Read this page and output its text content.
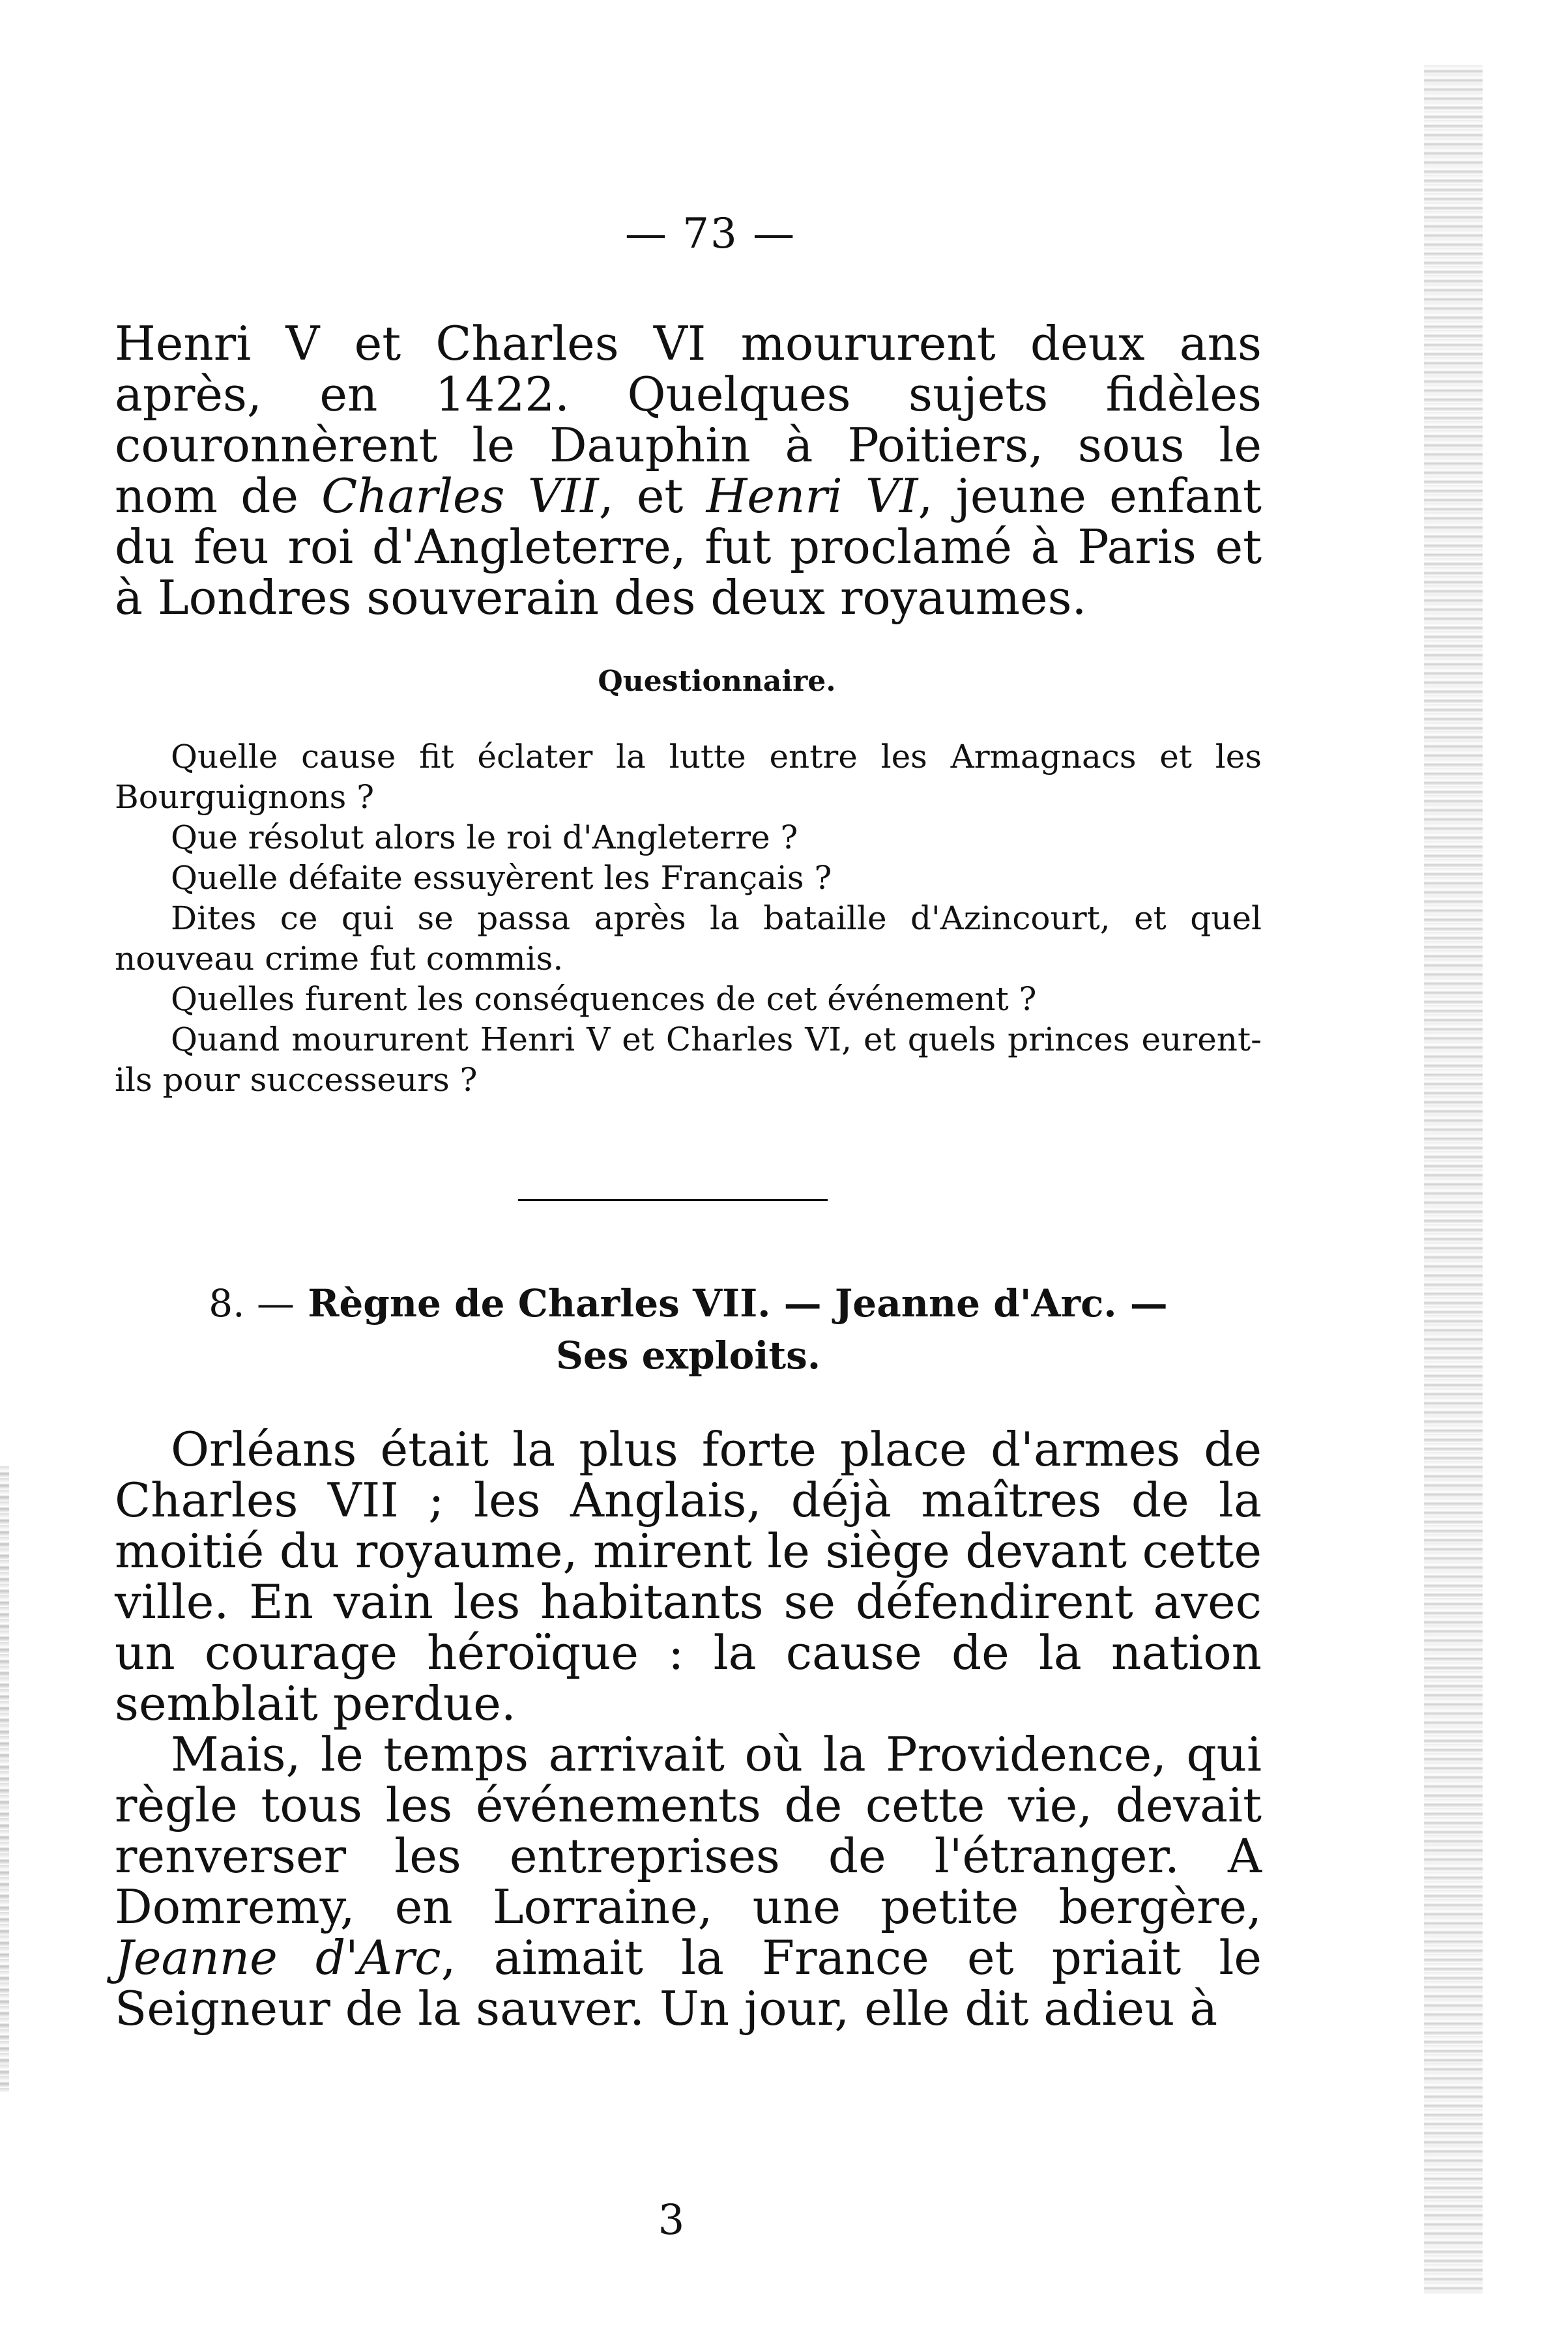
— 73 —

Henri V et Charles VI moururent deux ans après, en 1422. Quelques sujets fidèles couronnèrent le Dauphin à Poitiers, sous le nom de Charles VII, et Henri VI, jeune enfant du feu roi d'Angleterre, fut proclamé à Paris et à Londres souverain des deux royaumes.

Questionnaire.

Quelle cause fit éclater la lutte entre les Armagnacs et les Bourguignons ?

Que résolut alors le roi d'Angleterre ?

Quelle défaite essuyèrent les Français ?

Dites ce qui se passa après la bataille d'Azincourt, et quel nouveau crime fut commis.

Quelles furent les conséquences de cet événement ?

Quand moururent Henri V et Charles VI, et quels princes eurent-ils pour successeurs ?

8. — Règne de Charles VII. — Jeanne d'Arc. —
Ses exploits.

Orléans était la plus forte place d'armes de Charles VII ; les Anglais, déjà maîtres de la moitié du royaume, mirent le siège devant cette ville. En vain les habitants se défendirent avec un courage héroïque : la cause de la nation semblait perdue.

Mais, le temps arrivait où la Providence, qui règle tous les événements de cette vie, devait renverser les entreprises de l'étranger. A Domremy, en Lorraine, une petite bergère, Jeanne d'Arc, aimait la France et priait le Seigneur de la sauver. Un jour, elle dit adieu à

3
